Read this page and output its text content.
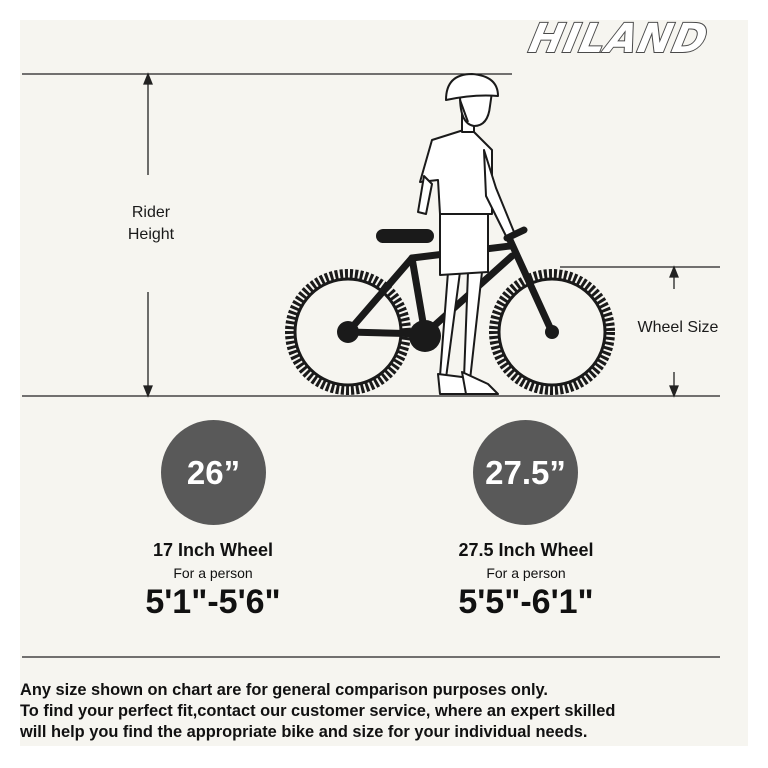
HILAND
Rider
Height
Wheel Size
26”	27.5”
17 Inch Wheel
For a person
5'1"-5'6"
27.5 Inch Wheel
For a person
5'5"-6'1"
Any size shown on chart are for general comparison purposes only.
To find your perfect fit,contact our customer service, where an expert skilled
will help you find the appropriate bike and size for your individual needs.
